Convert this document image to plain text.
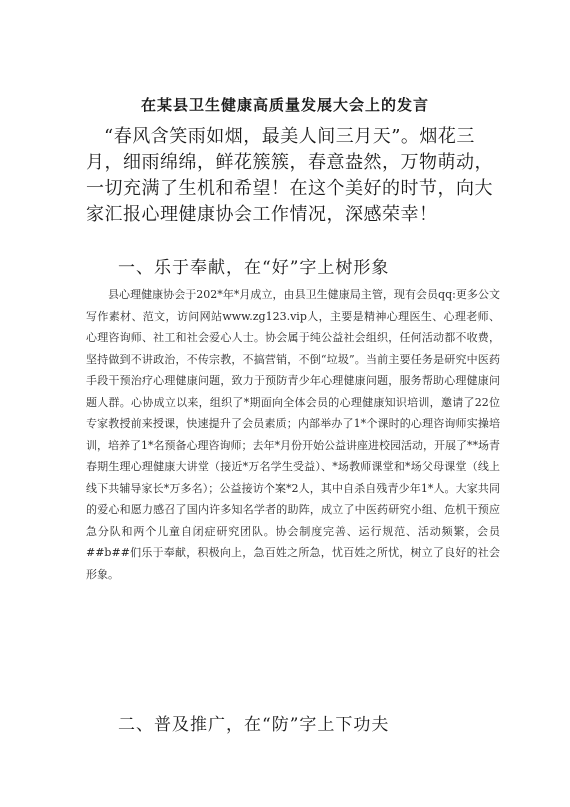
在某县卫生健康高质量发展大会上的发言

“春风含笑雨如烟，最美人间三月天”。烟花三月，细雨绵绵，鲜花簇簇，春意盎然，万物萌动，一切充满了生机和希望！在这个美好的时节，向大家汇报心理健康协会工作情况，深感荣幸！

一、乐于奉献，在“好”字上树形象

县心理健康协会于202*年*月成立，由县卫生健康局主管，现有会员qq:更多公文写作素材、范文，访问网站www.zg123.vip人，主要是精神心理医生、心理老师、心理咨询师、社工和社会爱心人士。协会属于纯公益社会组织，任何活动都不收费，坚持做到不讲政治，不传宗教，不搞营销，不倒“垃圾”。当前主要任务是研究中医药手段干预治疗心理健康问题，致力于预防青少年心理健康问题，服务帮助心理健康问题人群。心协成立以来，组织了*期面向全体会员的心理健康知识培训，邀请了22位专家教授前来授课，快速提升了会员素质；内部举办了1*个课时的心理咨询师实操培训，培养了1*名预备心理咨询师；去年*月份开始公益讲座进校园活动，开展了**场青春期生理心理健康大讲堂（接近*万名学生受益）、*场教师课堂和*场父母课堂（线上线下共辅导家长*万多名）；公益接访个案*2人，其中自杀自残青少年1*人。大家共同的爱心和愿力感召了国内许多知名学者的助阵，成立了中医药研究小组、危机干预应急分队和两个儿童自闭症研究团队。协会制度完善、运行规范、活动频繁，会员##b##们乐于奉献，积极向上，急百姓之所急，忧百姓之所忧，树立了良好的社会形象。

二、普及推广，在“防”字上下功夫
